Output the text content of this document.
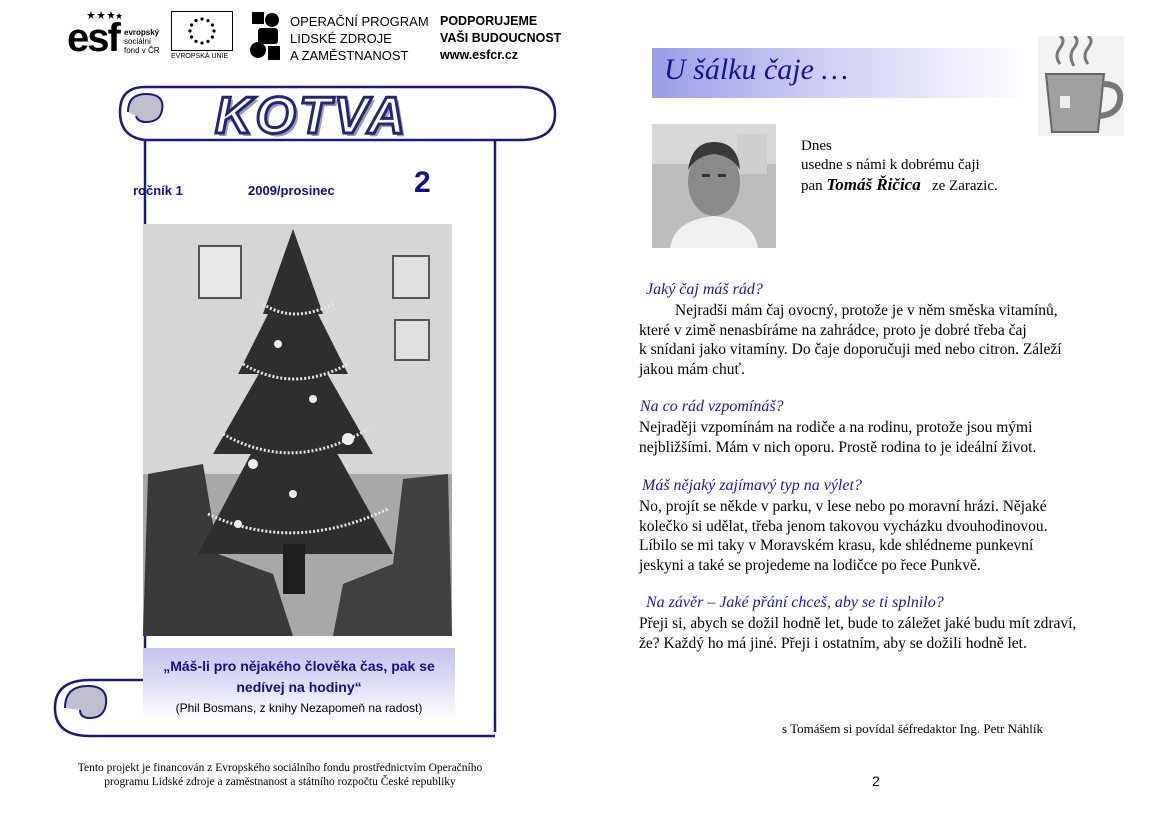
esf evropský
sociální
fond v ČR
EVROPSKÁ UNIE
OPERAČNÍ PROGRAM
LIDSKÉ ZDROJE
A ZAMĚSTNANOST
PODPORUJEME
VAŠI BUDOUCNOST
www.esfcr.cz
KOTVA
ročník 1	2009/prosinec	2
„Máš-li pro nějakého člověka čas, pak se nedívej na hodiny“
(Phil Bosmans, z knihy Nezapomeň na radost)
Tento projekt je financován z Evropského sociálního fondu prostřednictvím Operačního
programu Lidské zdroje a zaměstnanost a státního rozpočtu České republiky
U šálku čaje …
Dnes
usedne s námi k dobrému čaji
pan Tomáš Řičica ze Zarazic.
Jaký čaj máš rád?
Nejradši mám čaj ovocný, protože je v něm směska vitamínů,
které v zimě nenasbíráme na zahrádce, proto je dobré třeba čaj
k snídani jako vitamíny. Do čaje doporučuji med nebo citron. Záleží
jakou mám chuť.
Na co rád vzpomínáš?
Nejraději vzpomínám na rodiče a na rodinu, protože jsou mými
nejbližšími. Mám v nich oporu. Prostě rodina to je ideální život.
Máš nějaký zajímavý typ na výlet?
No, projít se někde v parku, v lese nebo po moravní hrázi. Nějaké
kolečko si udělat, třeba jenom takovou vycházku dvouhodinovou.
Líbilo se mi taky v Moravském krasu, kde shlédneme punkevní
jeskyni a také se projedeme na lodičce po řece Punkvě.
Na závěr – Jaké přání chceš, aby se ti splnilo?
Přeji si, abych se dožil hodně let, bude to záležet jaké budu mít zdraví,
že? Každý ho má jiné. Přeji i ostatním, aby se dožili hodně let.
s Tomášem si povídal šéfredaktor Ing. Petr Náhlík
2
